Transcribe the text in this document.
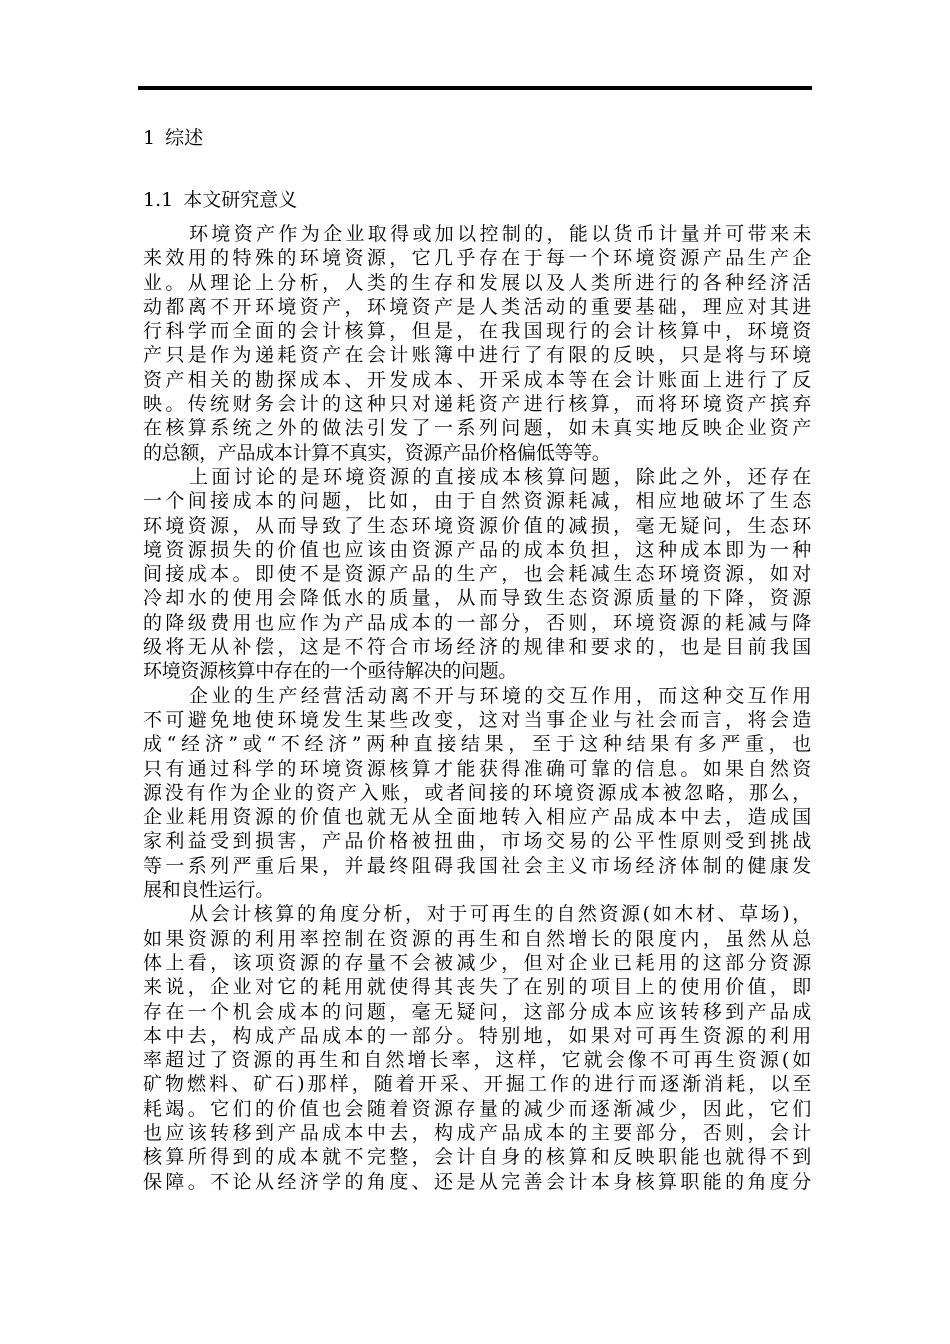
1 综述
1.1 本文研究意义
环境资产作为企业取得或加以控制的，能以货币计量并可带来未
来效用的特殊的环境资源，它几乎存在于每一个环境资源产品生产企
业。从理论上分析，人类的生存和发展以及人类所进行的各种经济活
动都离不开环境资产，环境资产是人类活动的重要基础，理应对其进
行科学而全面的会计核算，但是，在我国现行的会计核算中，环境资
产只是作为递耗资产在会计账簿中进行了有限的反映，只是将与环境
资产相关的勘探成本、开发成本、开采成本等在会计账面上进行了反
映。传统财务会计的这种只对递耗资产进行核算，而将环境资产摈弃
在核算系统之外的做法引发了一系列问题，如未真实地反映企业资产
的总额，产品成本计算不真实，资源产品价格偏低等等。
上面讨论的是环境资源的直接成本核算问题，除此之外，还存在
一个间接成本的问题，比如，由于自然资源耗减，相应地破坏了生态
环境资源，从而导致了生态环境资源价值的减损，毫无疑问，生态环
境资源损失的价值也应该由资源产品的成本负担，这种成本即为一种
间接成本。即使不是资源产品的生产，也会耗减生态环境资源，如对
冷却水的使用会降低水的质量，从而导致生态资源质量的下降，资源
的降级费用也应作为产品成本的一部分，否则，环境资源的耗减与降
级将无从补偿，这是不符合市场经济的规律和要求的，也是目前我国
环境资源核算中存在的一个亟待解决的问题。
企业的生产经营活动离不开与环境的交互作用，而这种交互作用
不可避免地使环境发生某些改变，这对当事企业与社会而言，将会造
成“经济”或“不经济”两种直接结果，至于这种结果有多严重，也
只有通过科学的环境资源核算才能获得准确可靠的信息。如果自然资
源没有作为企业的资产入账，或者间接的环境资源成本被忽略，那么，
企业耗用资源的价值也就无从全面地转入相应产品成本中去，造成国
家利益受到损害，产品价格被扭曲，市场交易的公平性原则受到挑战
等一系列严重后果，并最终阻碍我国社会主义市场经济体制的健康发
展和良性运行。
从会计核算的角度分析，对于可再生的自然资源(如木材、草场)，
如果资源的利用率控制在资源的再生和自然增长的限度内，虽然从总
体上看，该项资源的存量不会被减少，但对企业已耗用的这部分资源
来说，企业对它的耗用就使得其丧失了在别的项目上的使用价值，即
存在一个机会成本的问题，毫无疑问，这部分成本应该转移到产品成
本中去，构成产品成本的一部分。特别地，如果对可再生资源的利用
率超过了资源的再生和自然增长率，这样，它就会像不可再生资源(如
矿物燃料、矿石)那样，随着开采、开掘工作的进行而逐渐消耗，以至
耗竭。它们的价值也会随着资源存量的减少而逐渐减少，因此，它们
也应该转移到产品成本中去，构成产品成本的主要部分，否则，会计
核算所得到的成本就不完整，会计自身的核算和反映职能也就得不到
保障。不论从经济学的角度、还是从完善会计本身核算职能的角度分
